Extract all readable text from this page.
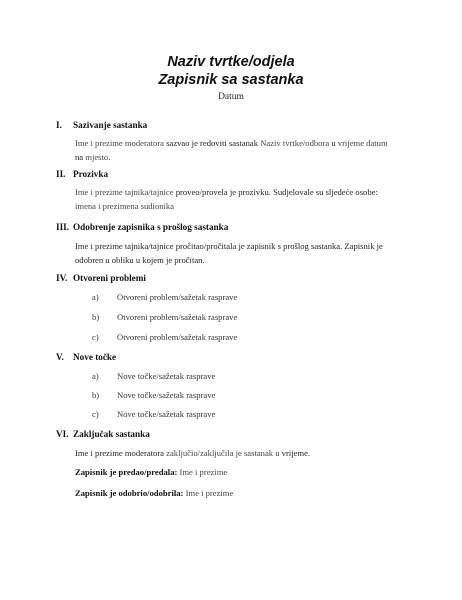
Naziv tvrtke/odjela
Zapisnik sa sastanka
Datum
I. Sazivanje sastanka
Ime i prezime moderatora sazvao je redoviti sastanak Naziv tvrtke/odbora u vrijeme datum na mjesto.
II. Prozivka
Ime i prezime tajnika/tajnice proveo/provela je prozivku. Sudjelovale su sljedeće osobe: imena i prezimena sudionika
III. Odobrenje zapisnika s prošlog sastanka
Ime i prezime tajnika/tajnice pročitao/pročitala je zapisnik s prošlog sastanka. Zapisnik je odobren u obliku u kojem je pročitan.
IV. Otvoreni problemi
a) Otvoreni problem/sažetak rasprave
b) Otvoreni problem/sažetak rasprave
c) Otvoreni problem/sažetak rasprave
V. Nove točke
a) Nove točke/sažetak rasprave
b) Nove točke/sažetak rasprave
c) Nove točke/sažetak rasprave
VI. Zaključak sastanka
Ime i prezime moderatora zaključio/zaključila je sastanak u vrijeme.
Zapisnik je predao/predala: Ime i prezime
Zapisnik je odobrio/odobrila: Ime i prezime
